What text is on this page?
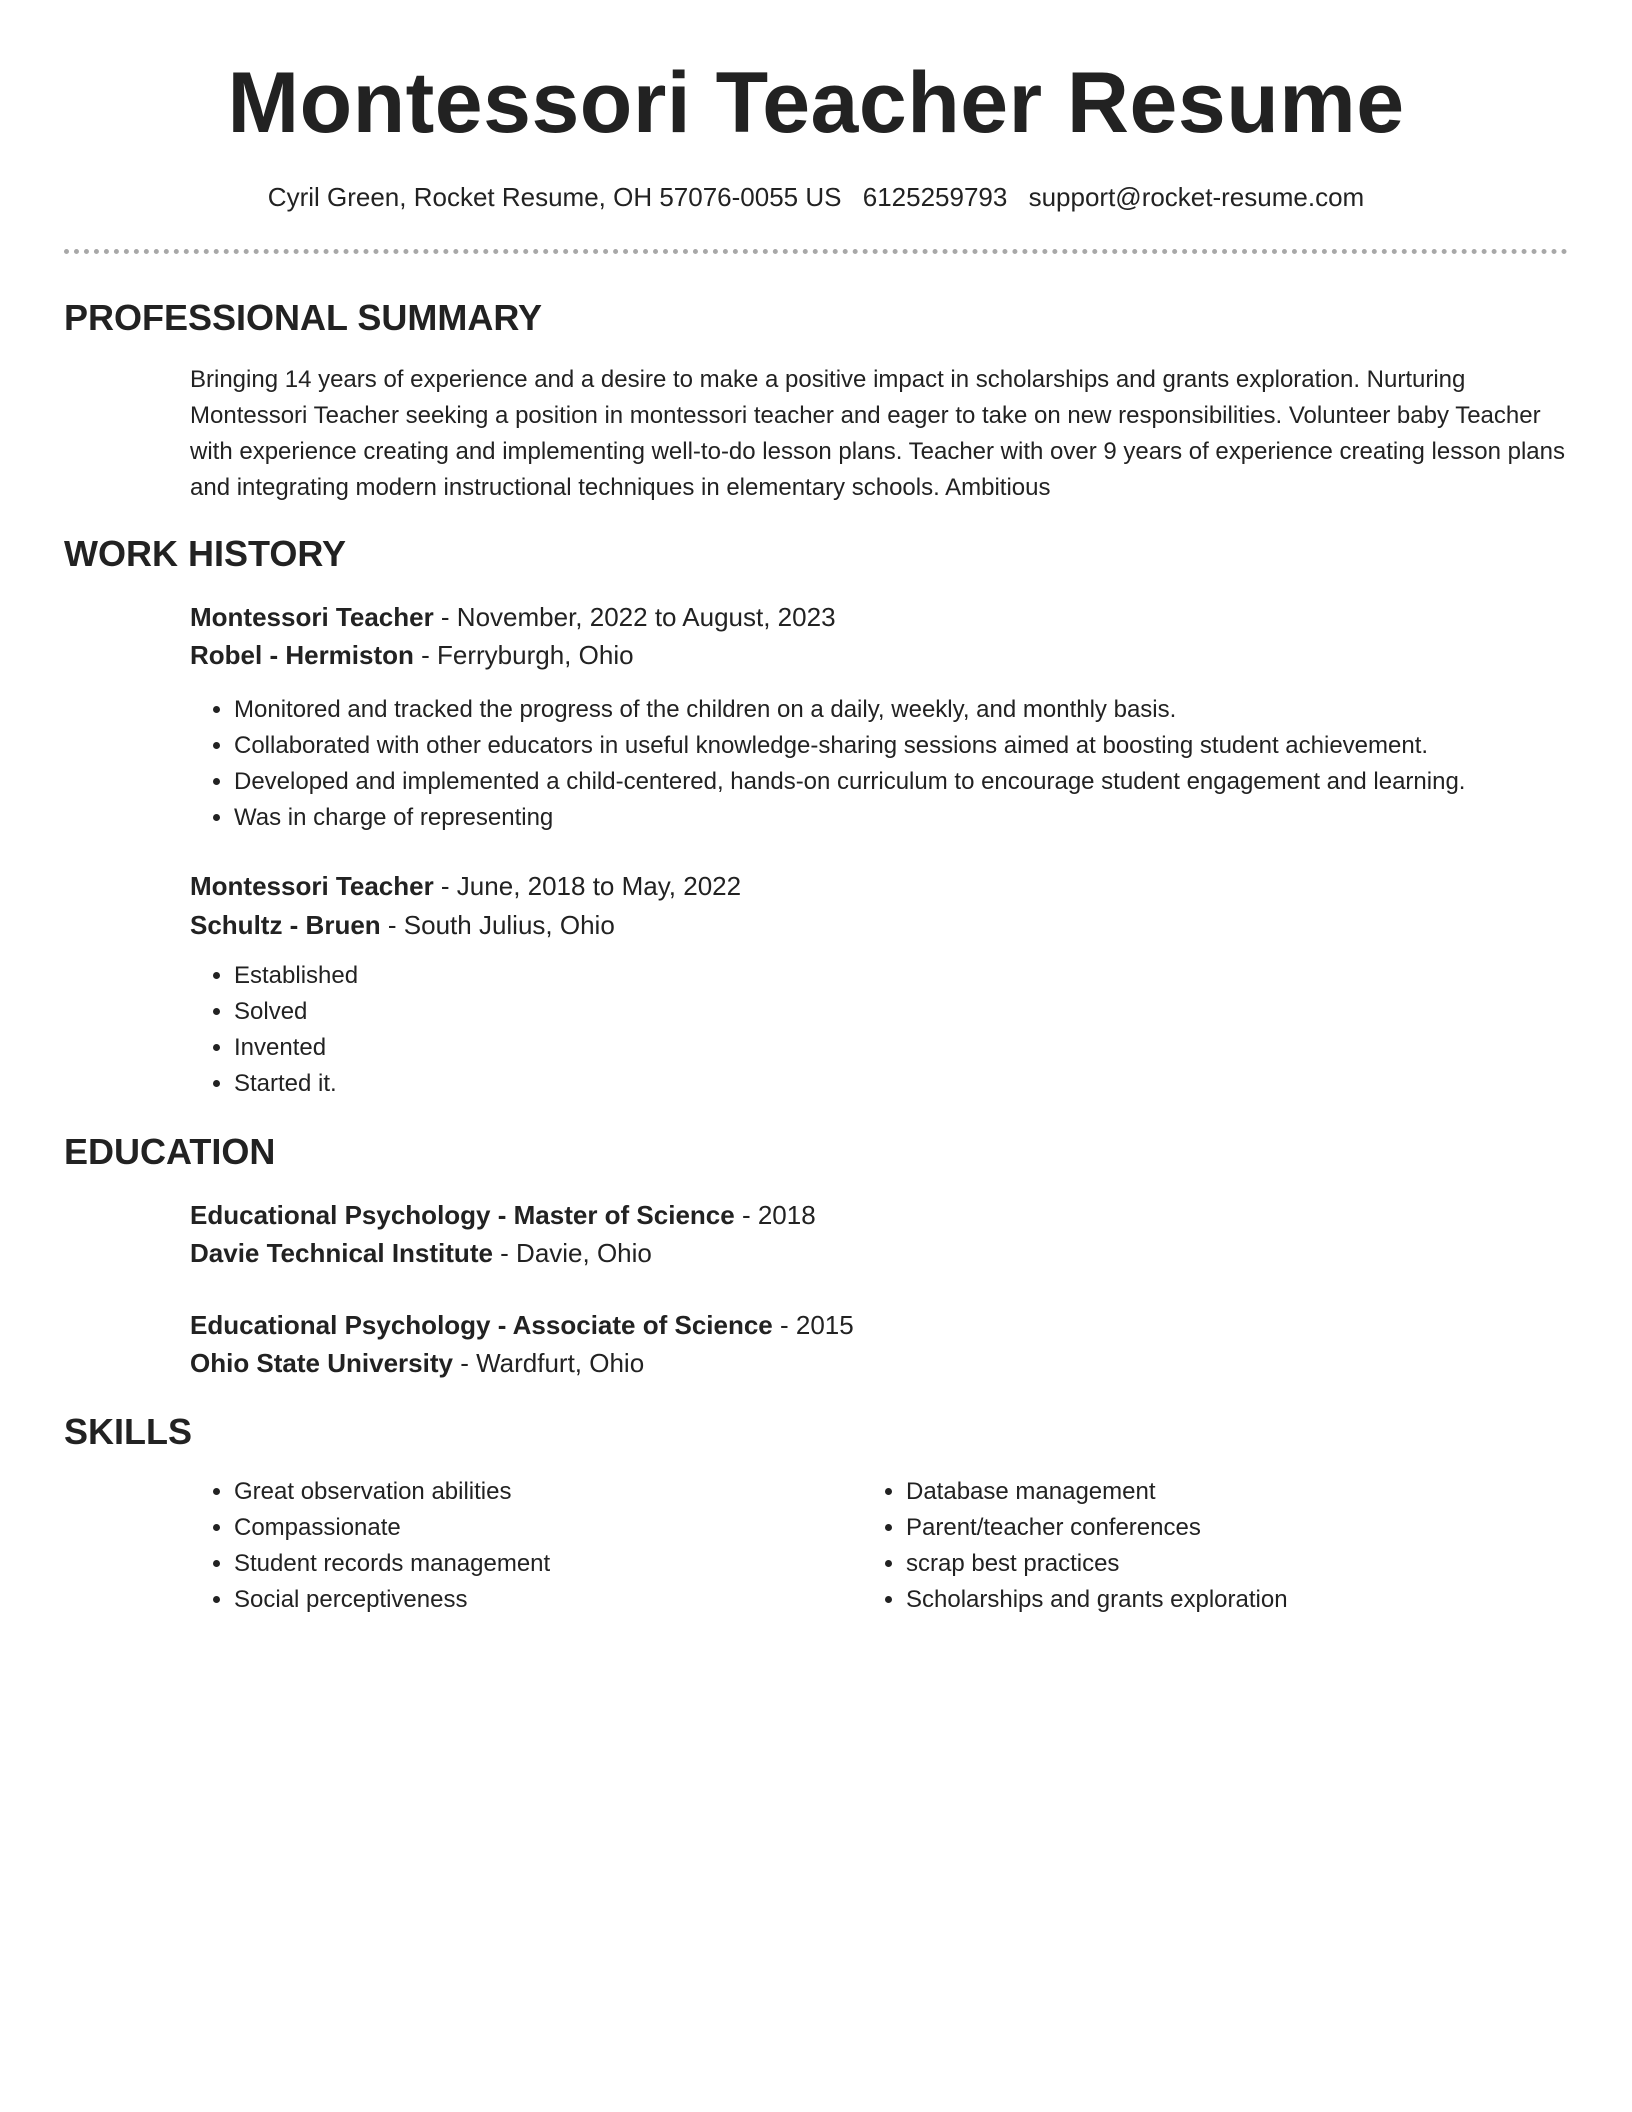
Montessori Teacher Resume
Cyril Green, Rocket Resume, OH 57076-0055 US 6125259793 support@rocket-resume.com
PROFESSIONAL SUMMARY
Bringing 14 years of experience and a desire to make a positive impact in scholarships and grants exploration. Nurturing Montessori Teacher seeking a position in montessori teacher and eager to take on new responsibilities. Volunteer baby Teacher with experience creating and implementing well-to-do lesson plans. Teacher with over 9 years of experience creating lesson plans and integrating modern instructional techniques in elementary schools. Ambitious
WORK HISTORY
Montessori Teacher - November, 2022 to August, 2023
Robel - Hermiston - Ferryburgh, Ohio
• Monitored and tracked the progress of the children on a daily, weekly, and monthly basis.
• Collaborated with other educators in useful knowledge-sharing sessions aimed at boosting student achievement.
• Developed and implemented a child-centered, hands-on curriculum to encourage student engagement and learning.
• Was in charge of representing
Montessori Teacher - June, 2018 to May, 2022
Schultz - Bruen - South Julius, Ohio
• Established
• Solved
• Invented
• Started it.
EDUCATION
Educational Psychology - Master of Science - 2018
Davie Technical Institute - Davie, Ohio
Educational Psychology - Associate of Science - 2015
Ohio State University - Wardfurt, Ohio
SKILLS
• Great observation abilities
• Compassionate
• Student records management
• Social perceptiveness
• Database management
• Parent/teacher conferences
• scrap best practices
• Scholarships and grants exploration
